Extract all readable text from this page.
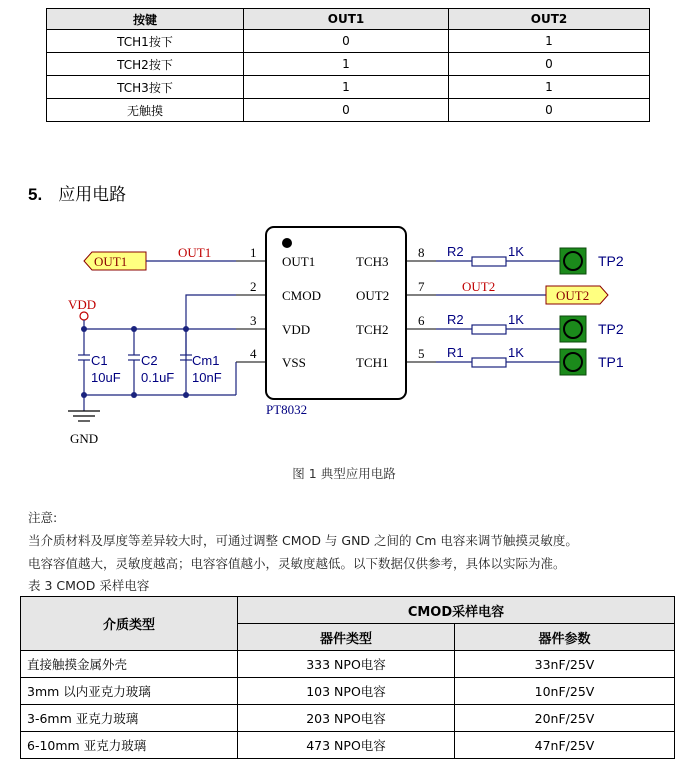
按键	OUT1	OUT2
TCH1按下	0	1
TCH2按下	1	0
TCH3按下	1	1
无触摸	0	0
5. 应用电路
PT8032
1
2
3
4
OUT1
CMOD
VDD
VSS
8
7
6
5
TCH3
OUT2
TCH2
TCH1
OUT1
OUT1
VDD
C1
10uF
C2
0.1uF
Cm1
10nF
GND
R2	1K
TP2
OUT2
OUT2
R2	1K
TP2
R1	1K
TP1
图 1 典型应用电路
注意:
当介质材料及厚度等差异较大时，可通过调整 CMOD 与 GND 之间的 Cm 电容来调节触摸灵敏度。
电容容值越大，灵敏度越高；电容容值越小，灵敏度越低。以下数据仅供参考，具体以实际为准。
表 3 CMOD 采样电容
介质类型	CMOD采样电容	
	器件类型	器件参数
直接触摸金属外壳	333 NPO电容	33nF/25V
3mm 以内亚克力玻璃	103 NPO电容	10nF/25V
3-6mm 亚克力玻璃	203 NPO电容	20nF/25V
6-10mm 亚克力玻璃	473 NPO电容	47nF/25V
